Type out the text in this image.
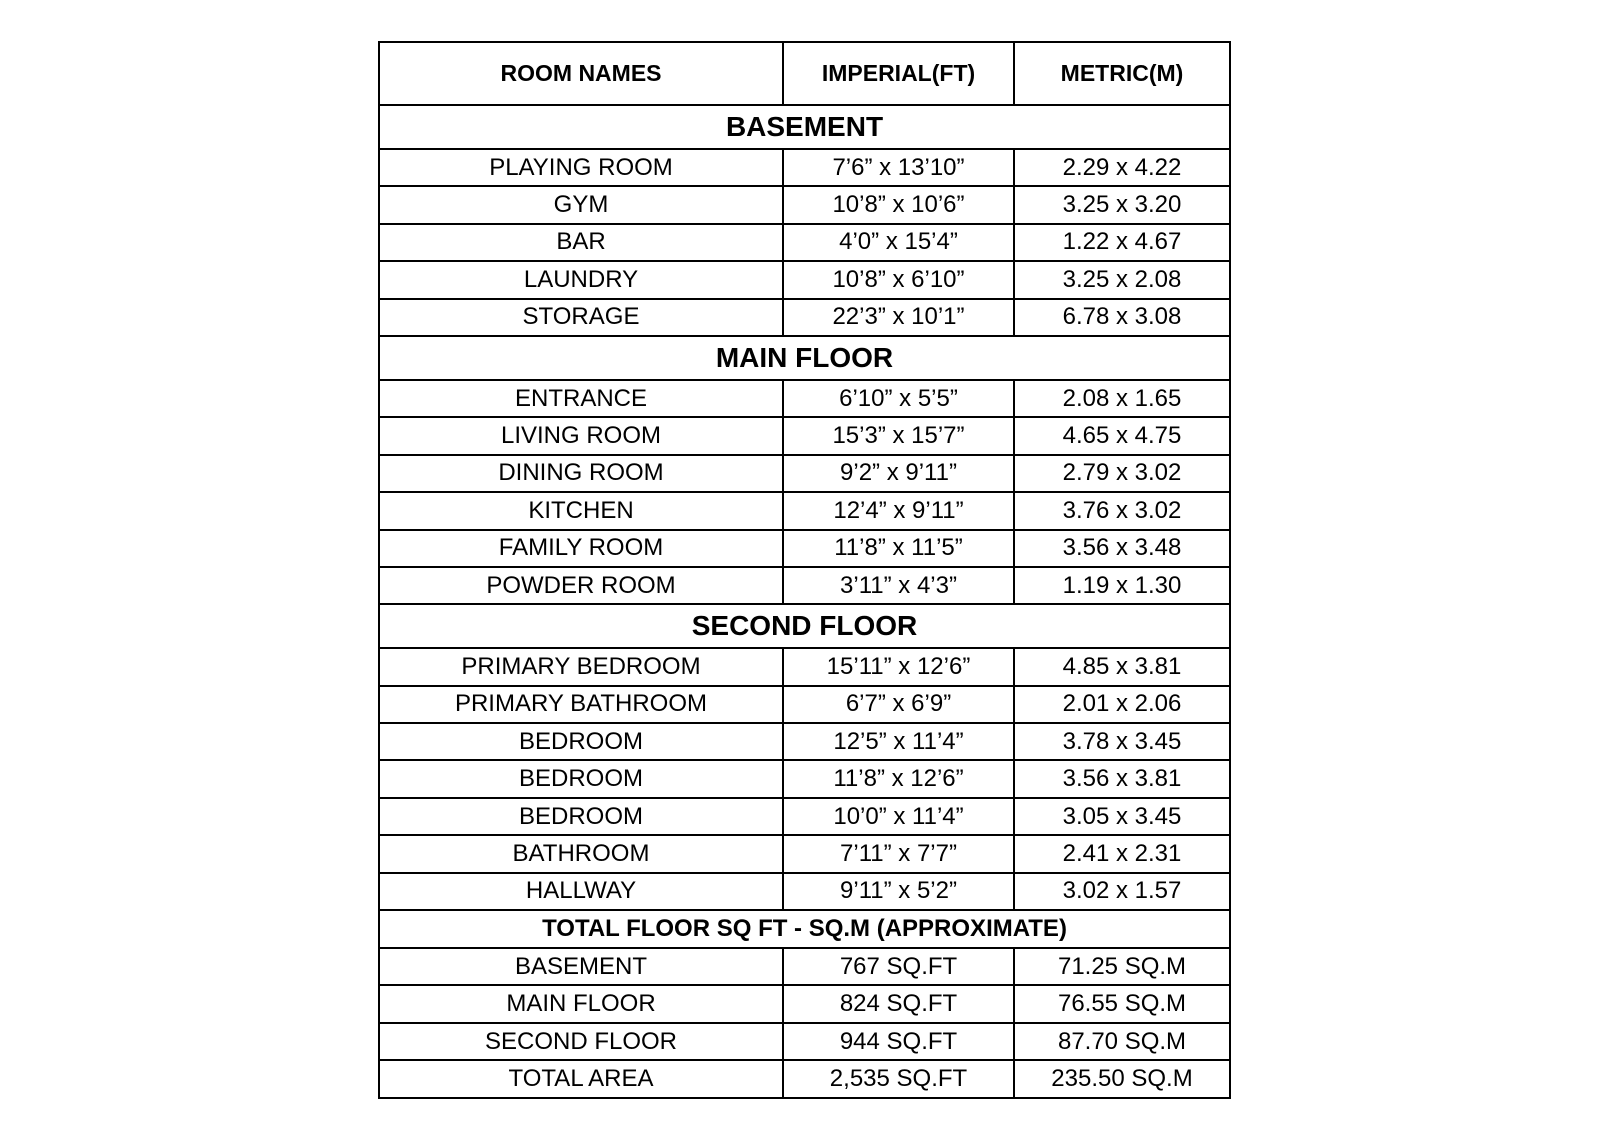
ROOM NAMES	IMPERIAL(FT)	METRIC(M)
BASEMENT		
PLAYING ROOM	7’6” x 13’10”	2.29 x 4.22
GYM	10’8” x 10’6”	3.25 x 3.20
BAR	4’0” x 15’4”	1.22 x 4.67
LAUNDRY	10’8” x 6’10”	3.25 x 2.08
STORAGE	22’3” x 10’1”	6.78 x 3.08
MAIN FLOOR		
ENTRANCE	6’10” x 5’5”	2.08 x 1.65
LIVING ROOM	15’3” x 15’7”	4.65 x 4.75
DINING ROOM	9’2” x 9’11”	2.79 x 3.02
KITCHEN	12’4” x 9’11”	3.76 x 3.02
FAMILY ROOM	11’8” x 11’5”	3.56 x 3.48
POWDER ROOM	3’11” x 4’3”	1.19 x 1.30
SECOND FLOOR		
PRIMARY BEDROOM	15’11” x 12’6”	4.85 x 3.81
PRIMARY BATHROOM	6’7” x 6’9”	2.01 x 2.06
BEDROOM	12’5” x 11’4”	3.78 x 3.45
BEDROOM	11’8” x 12’6”	3.56 x 3.81
BEDROOM	10’0” x 11’4”	3.05 x 3.45
BATHROOM	7’11” x 7’7”	2.41 x 2.31
HALLWAY	9’11” x 5’2”	3.02 x 1.57
TOTAL FLOOR SQ FT - SQ.M (APPROXIMATE)		
BASEMENT	767 SQ.FT	71.25 SQ.M
MAIN FLOOR	824 SQ.FT	76.55 SQ.M
SECOND FLOOR	944 SQ.FT	87.70 SQ.M
TOTAL AREA	2,535 SQ.FT	235.50 SQ.M
